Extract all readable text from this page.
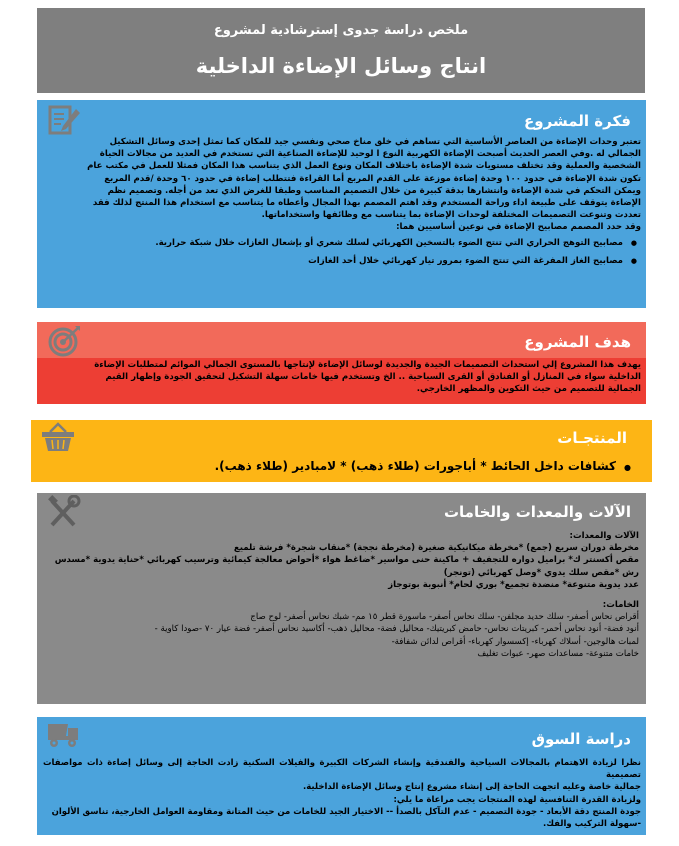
ملخص دراسة جدوى إسترشادية لمشروع
انتاج وسائل الإضاءة الداخلية
فكرة المشروع

تعتبر وحدات الإضاءة من العناصر الأساسية التي تساهم في خلق مناخ صحي ونفسي جيد للمكان كما تمثل إحدى وسائل التشكيل

الجمالي له .وفي العصر الحديث أصبحت الإضاءة الكهربية النوع ا لوحيد للإضاءة الصناعية التي تستخدم في العديد من مجالات الحياة

الشخصية والعملية وقد تختلف مستويات شدة الإضاءة باختلاف المكان ونوع العمل الذي يتناسب هذا المكان فمثلا للعمل في مكتب عام

تكون شدة الإضاءة في حدود ١٠٠ وحدة إضاءة موزعة على القدم المربع أما القراءة فتتطلب إضاءة في حدود ٦٠ وحدة /قدم المربع

ويمكن التحكم في شدة الإضاءة وانتشارها بدقة كبيرة من خلال التصميم المناسب وطبقا للغرض الذي تعد من أجله. وتصميم نظم

الإضاءة يتوقف على طبيعة اداء وراحة المستخدم وقد اهتم المصمم بهذا المجال وأعطاه ما يتناسب مع استخدام هذا المنتج لذلك فقد

تعددت وتنوعت التصميمات المختلفة لوحدات الإضاءة بما يتناسب مع وظائفها واستخداماتها.

وقد حدد المصمم مصابيح الإضاءة في نوعين أساسيين هما:

● مصابيح التوهج الحراري التي تنتج الضوء بالتسخين الكهربائي لسلك شعري أو بإشعال الغازات خلال شبكة حرارية.
● مصابيح الغاز المفرغة التي تنتج الضوء بمرور تيار كهربائي خلال أحد الغازات
هدف المشروع

يهدف هذا المشروع إلي استحداث التصميمات الجيدة والجديدة لوسائل الإضاءة لإنتاجها بالمستوى الجمالي الموائم لمتطلبات الإضاءة

الداخلية سواء في المنازل أو الفنادق أو القرى السياحية .. الخ وتستخدم فيها خامات سهلة التشكيل لتحقيق الجودة وإظهار القيم

الجمالية للتصميم من حيث التكوين والمظهر الخارجي.

المنتجـات
●كشافات داخل الحائط * أباجورات (طلاء ذهب) * لامبادير (طلاء ذهب).
الآلات والمعدات والخامات

الآلات والمعدات:

مخرطة دوران سريع (جمع) *مخرطة ميكانيكية صغيرة (مخرطة نججة) *منقاب شجرة* فرشة تلميع

مقص أكسنتر ك* براميل دواره للتجفيف + ماكينة حنى مواسير *ضاغط هواء *أحواض معالجة كيمائية وترسيب كهربائي *حناية يدوية *مسدس

رش *مقص سلك يدوي *وصل كهربائي (تونجر)

عدد يدوية متنوعة* منضدة تجميع* بوري لحام* أنبوبة بوتوجاز

الخامات:

أقراص نحاس أصفر- سلك حديد مجلفن- سلك نحاس أصفر- ماسورة قطر ١٥ مم- شبك نحاس أصفر- لوح صاج

أنود فضة- أنود نحاس أحمر- كبريتات نحاس- حامض كبريتيك- محاليل فضة- محاليل ذهب- أكاسيد نحاس أصفر- فضة عيار ٧٠ -صودا كاوية -

لمبات هالوجين- أسلاك كهرباء- إكسسوار كهرباء- أقراص لدائن شفافة-

خامات متنوعة- مساعدات صهر- عبوات تغليف

دراسة السوق

نظرا لزيادة الاهتمام بالمجالات السياحية والفندقية وإنشاء الشركات الكبيرة والفيلات السكنية زادت الحاجة إلى وسائل إضاءة ذات مواصفات تصميمية

جمالية خاصة وعليه اتجهت الحاجة إلى إنشاء مشروع إنتاج وسائل الإضاءة الداخلية.

ولزيادة القدرة التنافسية لهذه المنتجات يجب مراعاة ما يلي:

جودة المنتج دقة الأبعاد - جودة التصميم - عدم التآكل بالصدأ -- الاختيار الجيد للخامات من حيث المتانة ومقاومة العوامل الخارجية، تناسق الألوان

-سهولة التركيب والفك.
